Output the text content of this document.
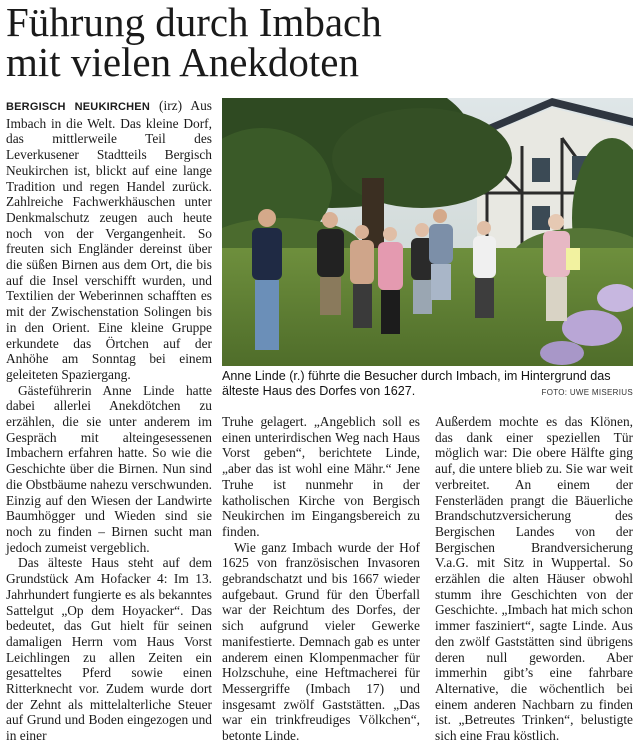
Führung durch Imbach
mit vielen Anekdoten

BERGISCH NEUKIRCHEN (irz) Aus Imbach in die Welt. Das kleine Dorf, das mittlerweile Teil des Leverkusener Stadtteils Bergisch Neukirchen ist, blickt auf eine lange Tradition und regen Handel zurück. Zahlreiche Fachwerkhäuschen unter Denkmalschutz zeugen auch heute noch von der Vergangenheit. So freuten sich Engländer dereinst über die süßen Birnen aus dem Ort, die bis auf die Insel verschifft wurden, und Textilien der Weberinnen schafften es mit der Zwischenstation Solingen bis in den Orient. Eine kleine Gruppe erkundete das Örtchen auf der Anhöhe am Sonntag bei einem geleiteten Spaziergang.

Gästeführerin Anne Linde hatte dabei allerlei Anekdötchen zu erzählen, die sie unter anderem im Gespräch mit alteingesessenen Imbachern erfahren hatte. So wie die Geschichte über die Birnen. Nun sind die Obstbäume nahezu verschwunden. Einzig auf den Wiesen der Landwirte Baumhögger und Wieden sind sie noch zu finden – Birnen sucht man jedoch zumeist vergeblich.

Das älteste Haus steht auf dem Grundstück Am Hofacker 4: Im 13. Jahrhundert fungierte es als bekanntes Sattelgut „Op dem Hoyacker“. Das bedeutet, das Gut hielt für seinen damaligen Herrn vom Haus Vorst Leichlingen zu allen Zeiten ein gesatteltes Pferd sowie einen Ritterknecht vor. Zudem wurde dort der Zehnt als mittelalterliche Steuer auf Grund und Boden eingezogen und in einer

Anne Linde (r.) führte die Besucher durch Imbach, im Hintergrund das älteste Haus des Dorfes von 1627.	FOTO: UWE MISERIUS

Truhe gelagert. „Angeblich soll es einen unterirdischen Weg nach Haus Vorst geben“, berichtete Linde, „aber das ist wohl eine Mähr.“ Jene Truhe ist nunmehr in der katholischen Kirche von Bergisch Neukirchen im Eingangsbereich zu finden.

Wie ganz Imbach wurde der Hof 1625 von französischen Invasoren gebrandschatzt und bis 1667 wieder aufgebaut. Grund für den Überfall war der Reichtum des Dorfes, der sich aufgrund vieler Gewerke manifestierte. Demnach gab es unter anderem einen Klompenmacher für Holzschuhe, eine Heftmacherei für Messergriffe (Imbach 17) und insgesamt zwölf Gaststätten. „Das war ein trinkfreudiges Völkchen“, betonte Linde.

Außerdem mochte es das Klönen, das dank einer speziellen Tür möglich war: Die obere Hälfte ging auf, die untere blieb zu. Sie war weit verbreitet. An einem der Fensterläden prangt die Bäuerliche Brandschutzversicherung des Bergischen Landes von der Bergischen Brandversicherung V.a.G. mit Sitz in Wuppertal. So erzählen die alten Häuser obwohl stumm ihre Geschichten von der Geschichte. „Imbach hat mich schon immer fasziniert“, sagte Linde. Aus den zwölf Gaststätten sind übrigens deren null geworden. Aber immerhin gibt’s eine fahrbare Alternative, die wöchentlich bei einem anderen Nachbarn zu finden ist. „Betreutes Trinken“, belustigte sich eine Frau köstlich.
